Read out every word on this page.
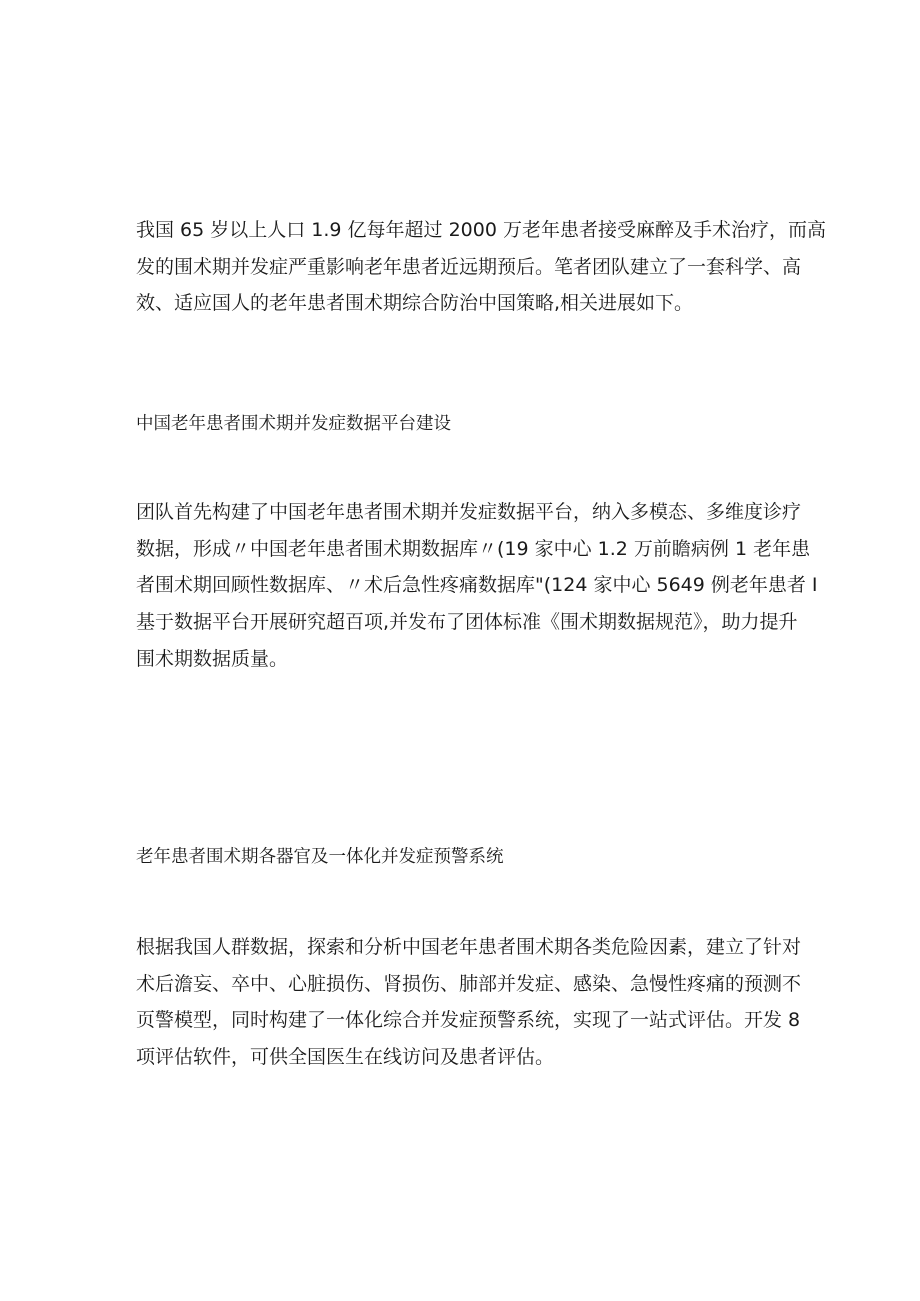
我国 65 岁以上人口 1.9 亿每年超过 2000 万老年患者接受麻醉及手术治疗，而高
发的围术期并发症严重影响老年患者近远期预后。笔者团队建立了一套科学、高
效、适应国人的老年患者围术期综合防治中国策略,相关进展如下。

中国老年患者围术期并发症数据平台建设

团队首先构建了中国老年患者围术期并发症数据平台，纳入多模态、多维度诊疗
数据，形成〃中国老年患者围术期数据库〃(19 家中心 1.2 万前瞻病例 1 老年患
者围术期回顾性数据库、〃术后急性疼痛数据库"(124 家中心 5649 例老年患者 I
基于数据平台开展研究超百项,并发布了团体标准《围术期数据规范》，助力提升
围术期数据质量。

老年患者围术期各器官及一体化并发症预警系统

根据我国人群数据，探索和分析中国老年患者围术期各类危险因素，建立了针对
术后澹妄、卒中、心脏损伤、肾损伤、肺部并发症、感染、急慢性疼痛的预测不
页警模型，同时构建了一体化综合并发症预警系统，实现了一站式评估。开发 8
项评估软件，可供全国医生在线访问及患者评估。
